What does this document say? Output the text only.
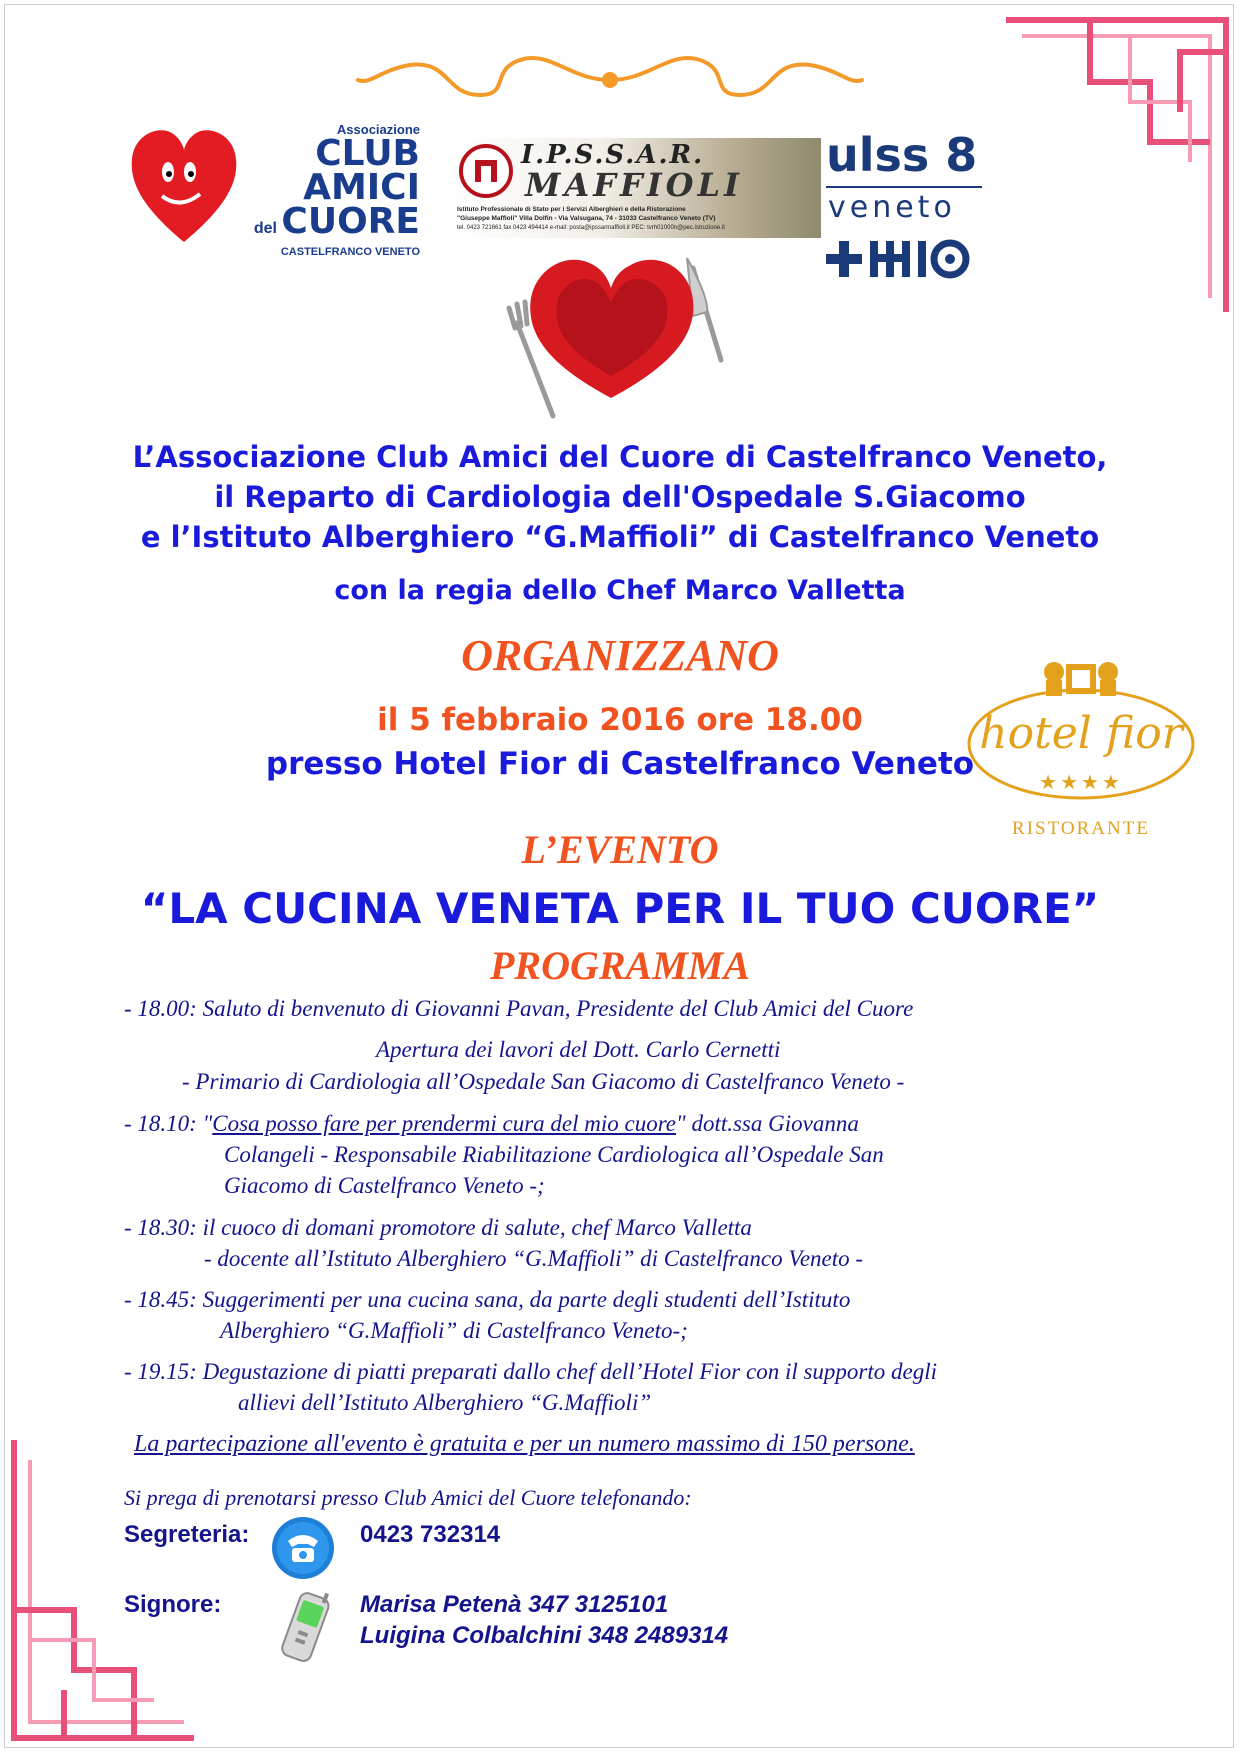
Associazione
CLUB
AMICI
del CUORE
CASTELFRANCO VENETO
I.P.S.S.A.R.
MAFFIOLI
Istituto Professionale di Stato per i Servizi Alberghieri e della Ristorazione
"Giuseppe Maffioli" Villa Dolfin - Via Valsugana, 74 - 31033 Castelfranco Veneto (TV)
tel. 0423 721661 fax 0423 494414 e-mail: posta@ipssarmaffioli.it PEC: tvrh01000n@pec.istruzione.it
ulss 8
veneto
L’Associazione Club Amici del Cuore di Castelfranco Veneto,
il Reparto di Cardiologia dell'Ospedale S.Giacomo
e l’Istituto Alberghiero “G.Maffioli” di Castelfranco Veneto
con la regia dello Chef Marco Valletta
ORGANIZZANO
il 5 febbraio 2016 ore 18.00
presso Hotel Fior di Castelfranco Veneto
hotel fior
★★★★
RISTORANTE
L’EVENTO
“LA CUCINA VENETA PER IL TUO CUORE”
PROGRAMMA
- 18.00: Saluto di benvenuto di Giovanni Pavan, Presidente del Club Amici del Cuore
Apertura dei lavori del Dott. Carlo Cernetti
- Primario di Cardiologia all’Ospedale San Giacomo di Castelfranco Veneto -
- 18.10: "Cosa posso fare per prendermi cura del mio cuore" dott.ssa Giovanna
Colangeli - Responsabile Riabilitazione Cardiologica all’Ospedale San
Giacomo di Castelfranco Veneto -;
- 18.30: il cuoco di domani promotore di salute, chef Marco Valletta
- docente all’Istituto Alberghiero “G.Maffioli” di Castelfranco Veneto -
- 18.45: Suggerimenti per una cucina sana, da parte degli studenti dell’Istituto
Alberghiero “G.Maffioli” di Castelfranco Veneto-;
- 19.15: Degustazione di piatti preparati dallo chef dell’Hotel Fior con il supporto degli
allievi dell’Istituto Alberghiero “G.Maffioli”
La partecipazione all'evento è gratuita e per un numero massimo di 150 persone.
Si prega di prenotarsi presso Club Amici del Cuore telefonando:
Segreteria:	0423 732314
Signore:	Marisa Petenà 347 3125101
Luigina Colbalchini 348 2489314
